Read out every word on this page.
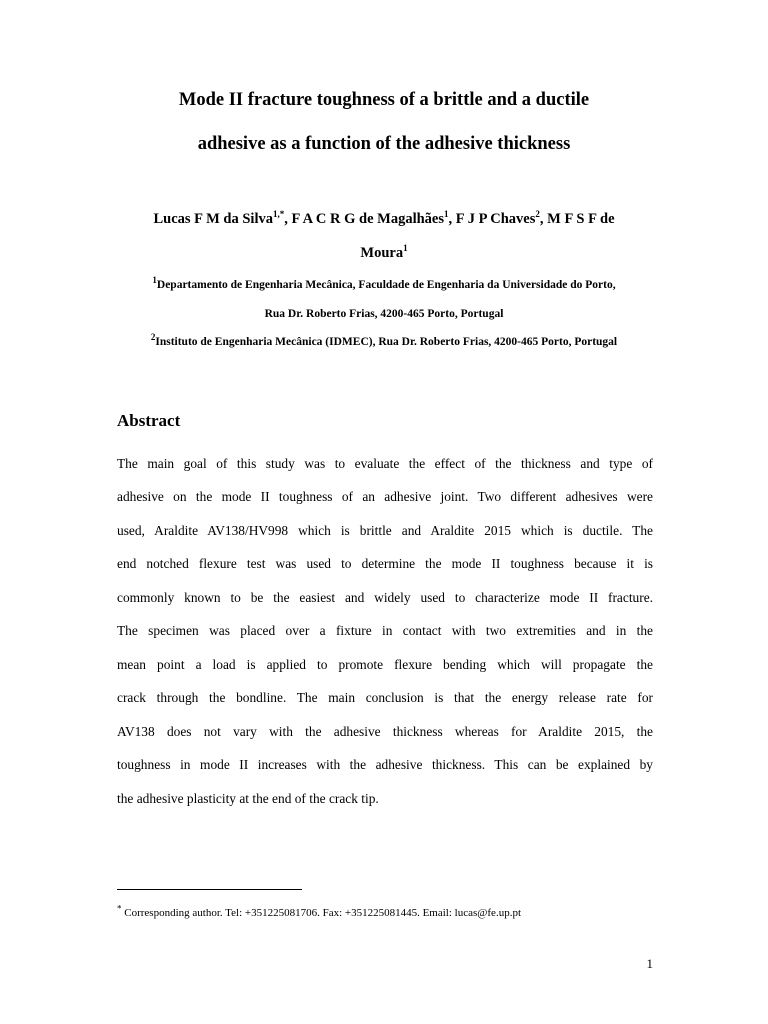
Mode II fracture toughness of a brittle and a ductile
adhesive as a function of the adhesive thickness
Lucas F M da Silva$^{1,*}$, F A C R G de Magalhães$^1$, F J P Chaves$^2$, M F S F de
Moura$^1$
$^1$Departamento de Engenharia Mecânica, Faculdade de Engenharia da Universidade do Porto,
Rua Dr. Roberto Frias, 4200-465 Porto, Portugal
$^2$Instituto de Engenharia Mecânica (IDMEC), Rua Dr. Roberto Frias, 4200-465 Porto, Portugal
Abstract
The main goal of this study was to evaluate the effect of the thickness and type of
adhesive on the mode II toughness of an adhesive joint. Two different adhesives were
used, Araldite AV138/HV998 which is brittle and Araldite 2015 which is ductile. The
end notched flexure test was used to determine the mode II toughness because it is
commonly known to be the easiest and widely used to characterize mode II fracture.
The specimen was placed over a fixture in contact with two extremities and in the
mean point a load is applied to promote flexure bending which will propagate the
crack through the bondline. The main conclusion is that the energy release rate for
AV138 does not vary with the adhesive thickness whereas for Araldite 2015, the
toughness in mode II increases with the adhesive thickness. This can be explained by
the adhesive plasticity at the end of the crack tip.
* Corresponding author. Tel: +351225081706. Fax: +351225081445. Email: lucas@fe.up.pt
1
